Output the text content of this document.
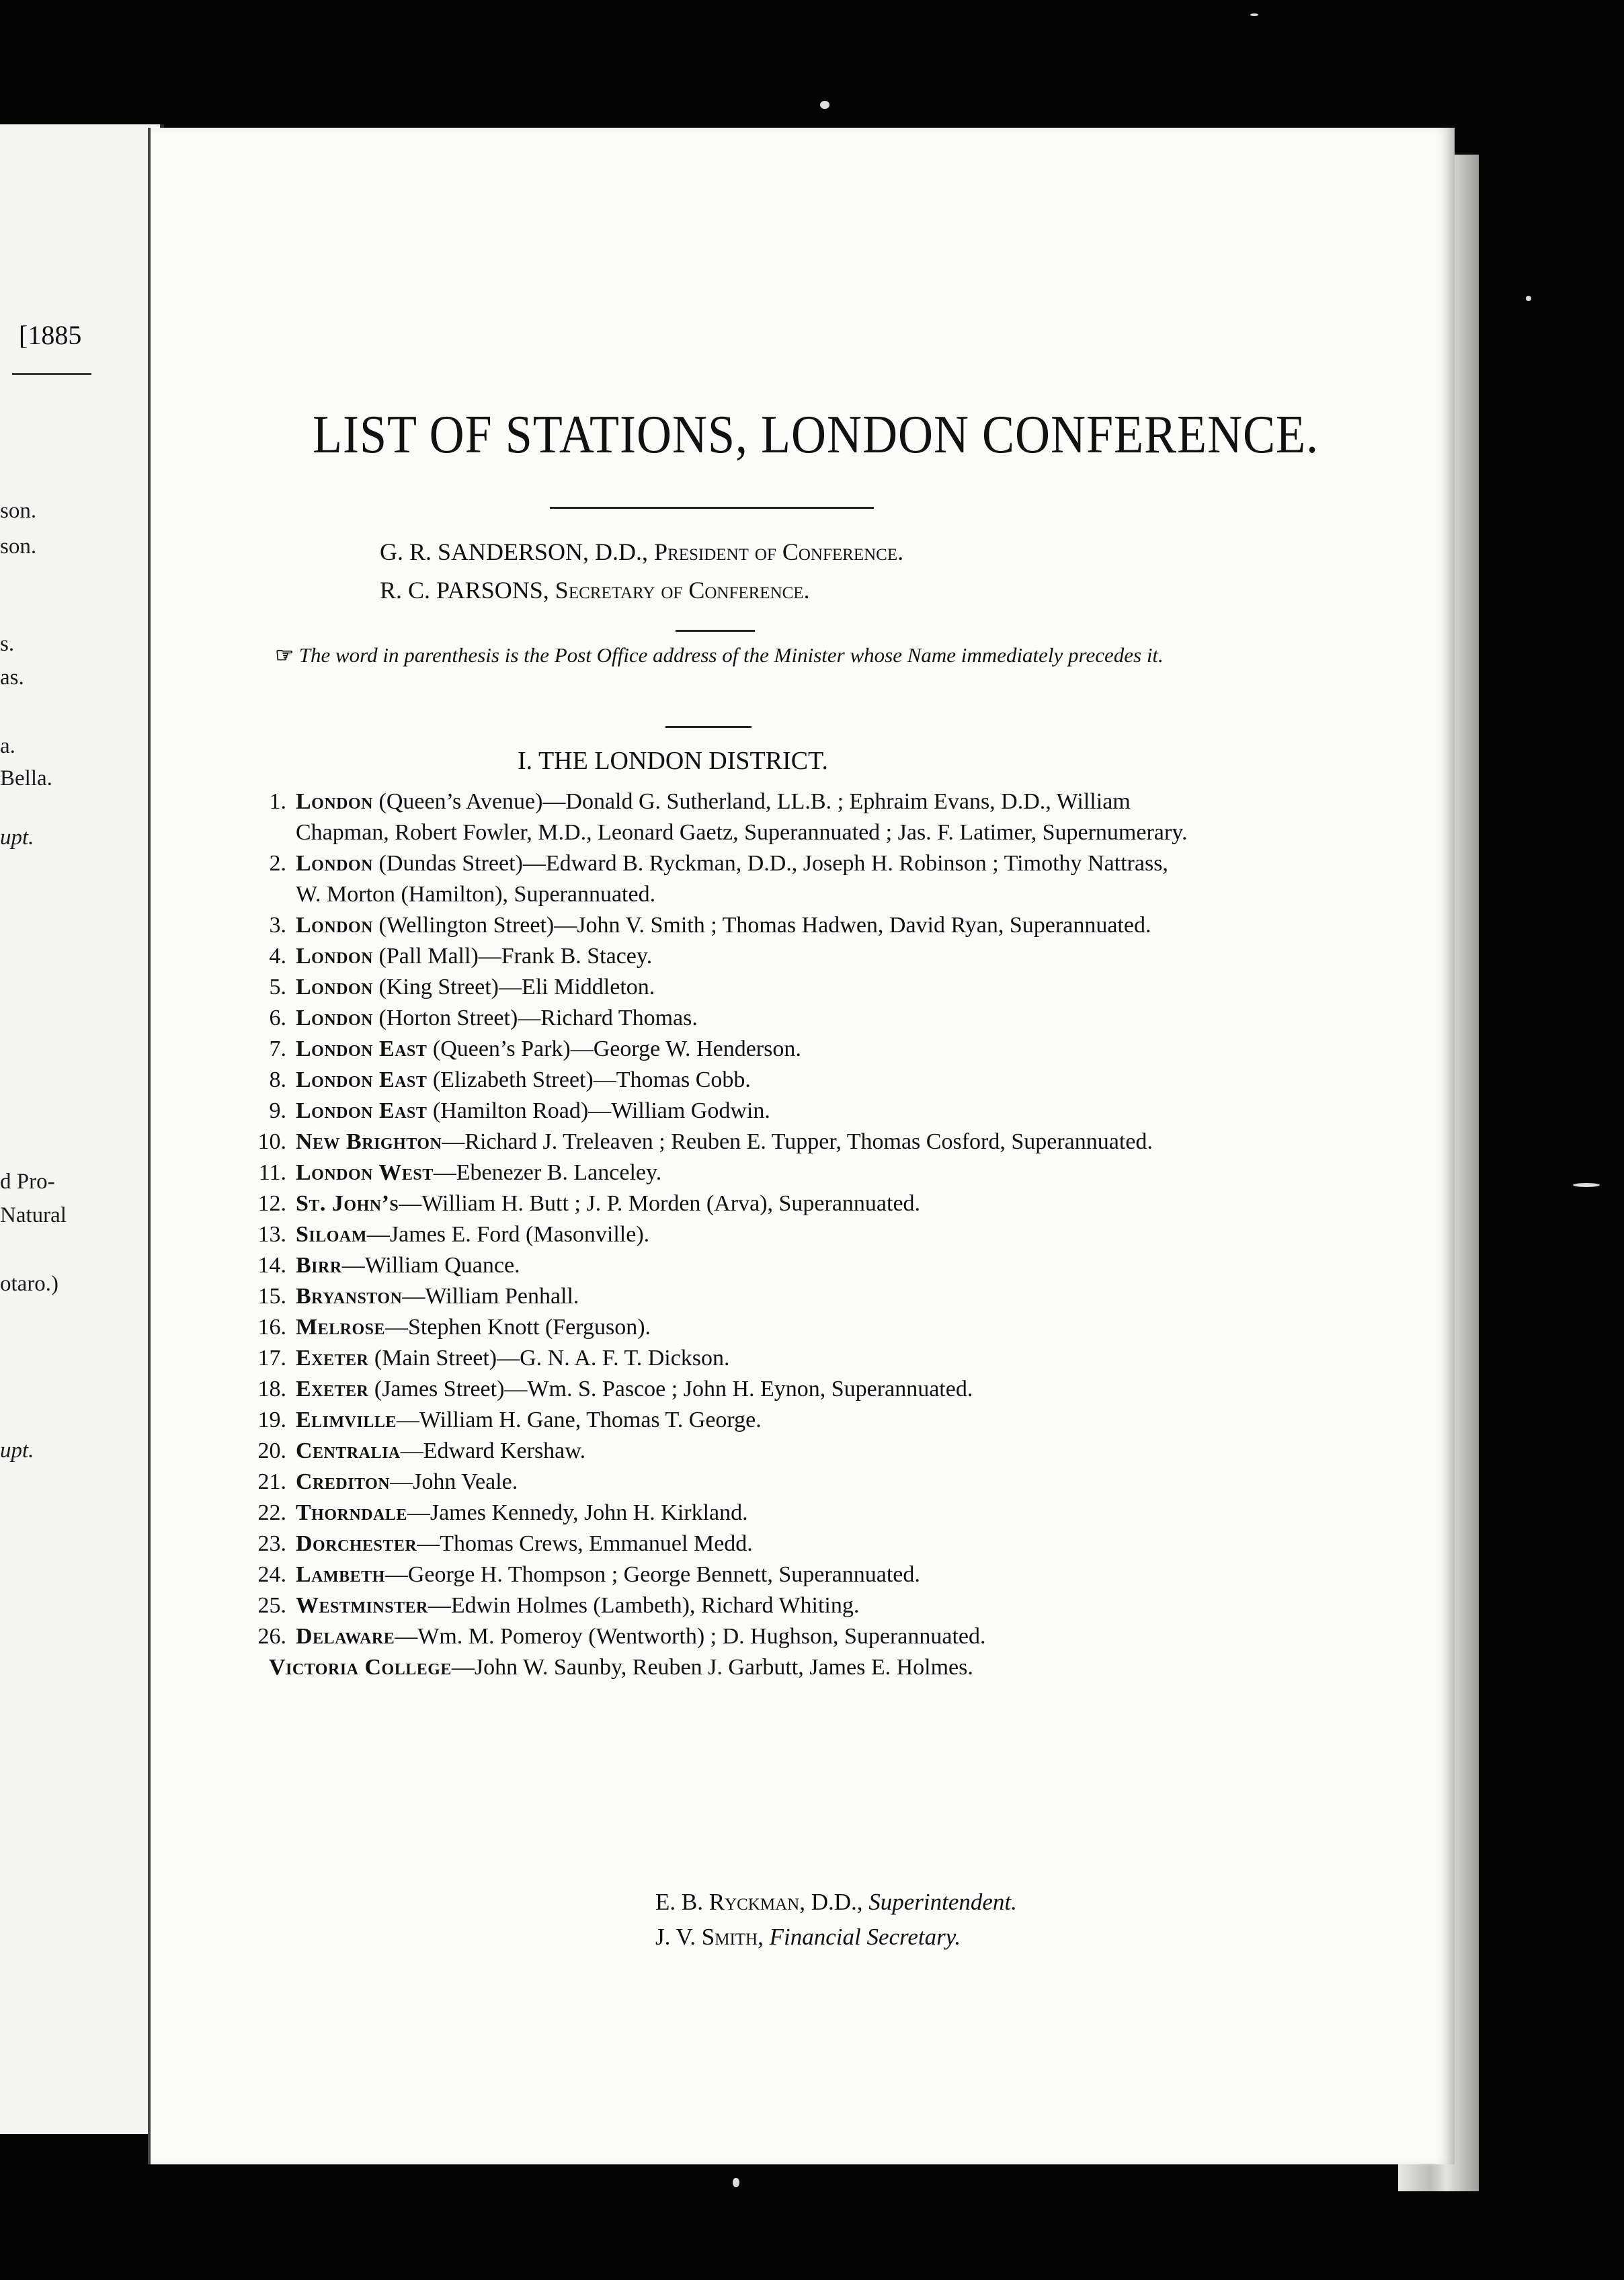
[1885
son.
son.
s.
as.
a.
Bella.
upt.
d Pro-
Natural
otaro.)
upt.
LIST OF STATIONS, LONDON CONFERENCE.
G. R. SANDERSON, D.D., President of Conference.
R. C. PARSONS, Secretary of Conference.
☞ The word in parenthesis is the Post Office address of the Minister whose Name immediately precedes it.
I. THE LONDON DISTRICT.
1. London (Queen’s Avenue)—Donald G. Sutherland, LL.B. ; Ephraim Evans, D.D., William Chapman, Robert Fowler, M.D., Leonard Gaetz, Superannuated ; Jas. F. Latimer, Supernumerary.
2. London (Dundas Street)—Edward B. Ryckman, D.D., Joseph H. Robinson ; Timothy Nattrass, W. Morton (Hamilton), Superannuated.
3. London (Wellington Street)—John V. Smith ; Thomas Hadwen, David Ryan, Superannuated.
4. London (Pall Mall)—Frank B. Stacey.
5. London (King Street)—Eli Middleton.
6. London (Horton Street)—Richard Thomas.
7. London East (Queen’s Park)—George W. Henderson.
8. London East (Elizabeth Street)—Thomas Cobb.
9. London East (Hamilton Road)—William Godwin.
10. New Brighton—Richard J. Treleaven ; Reuben E. Tupper, Thomas Cosford, Superannuated.
11. London West—Ebenezer B. Lanceley.
12. St. John’s—William H. Butt ; J. P. Morden (Arva), Superannuated.
13. Siloam—James E. Ford (Masonville).
14. Birr—William Quance.
15. Bryanston—William Penhall.
16. Melrose—Stephen Knott (Ferguson).
17. Exeter (Main Street)—G. N. A. F. T. Dickson.
18. Exeter (James Street)—Wm. S. Pascoe ; John H. Eynon, Superannuated.
19. Elimville—William H. Gane, Thomas T. George.
20. Centralia—Edward Kershaw.
21. Crediton—John Veale.
22. Thorndale—James Kennedy, John H. Kirkland.
23. Dorchester—Thomas Crews, Emmanuel Medd.
24. Lambeth—George H. Thompson ; George Bennett, Superannuated.
25. Westminster—Edwin Holmes (Lambeth), Richard Whiting.
26. Delaware—Wm. M. Pomeroy (Wentworth) ; D. Hughson, Superannuated.
Victoria College—John W. Saunby, Reuben J. Garbutt, James E. Holmes.
E. B. Ryckman, D.D., Superintendent.
J. V. Smith, Financial Secretary.
